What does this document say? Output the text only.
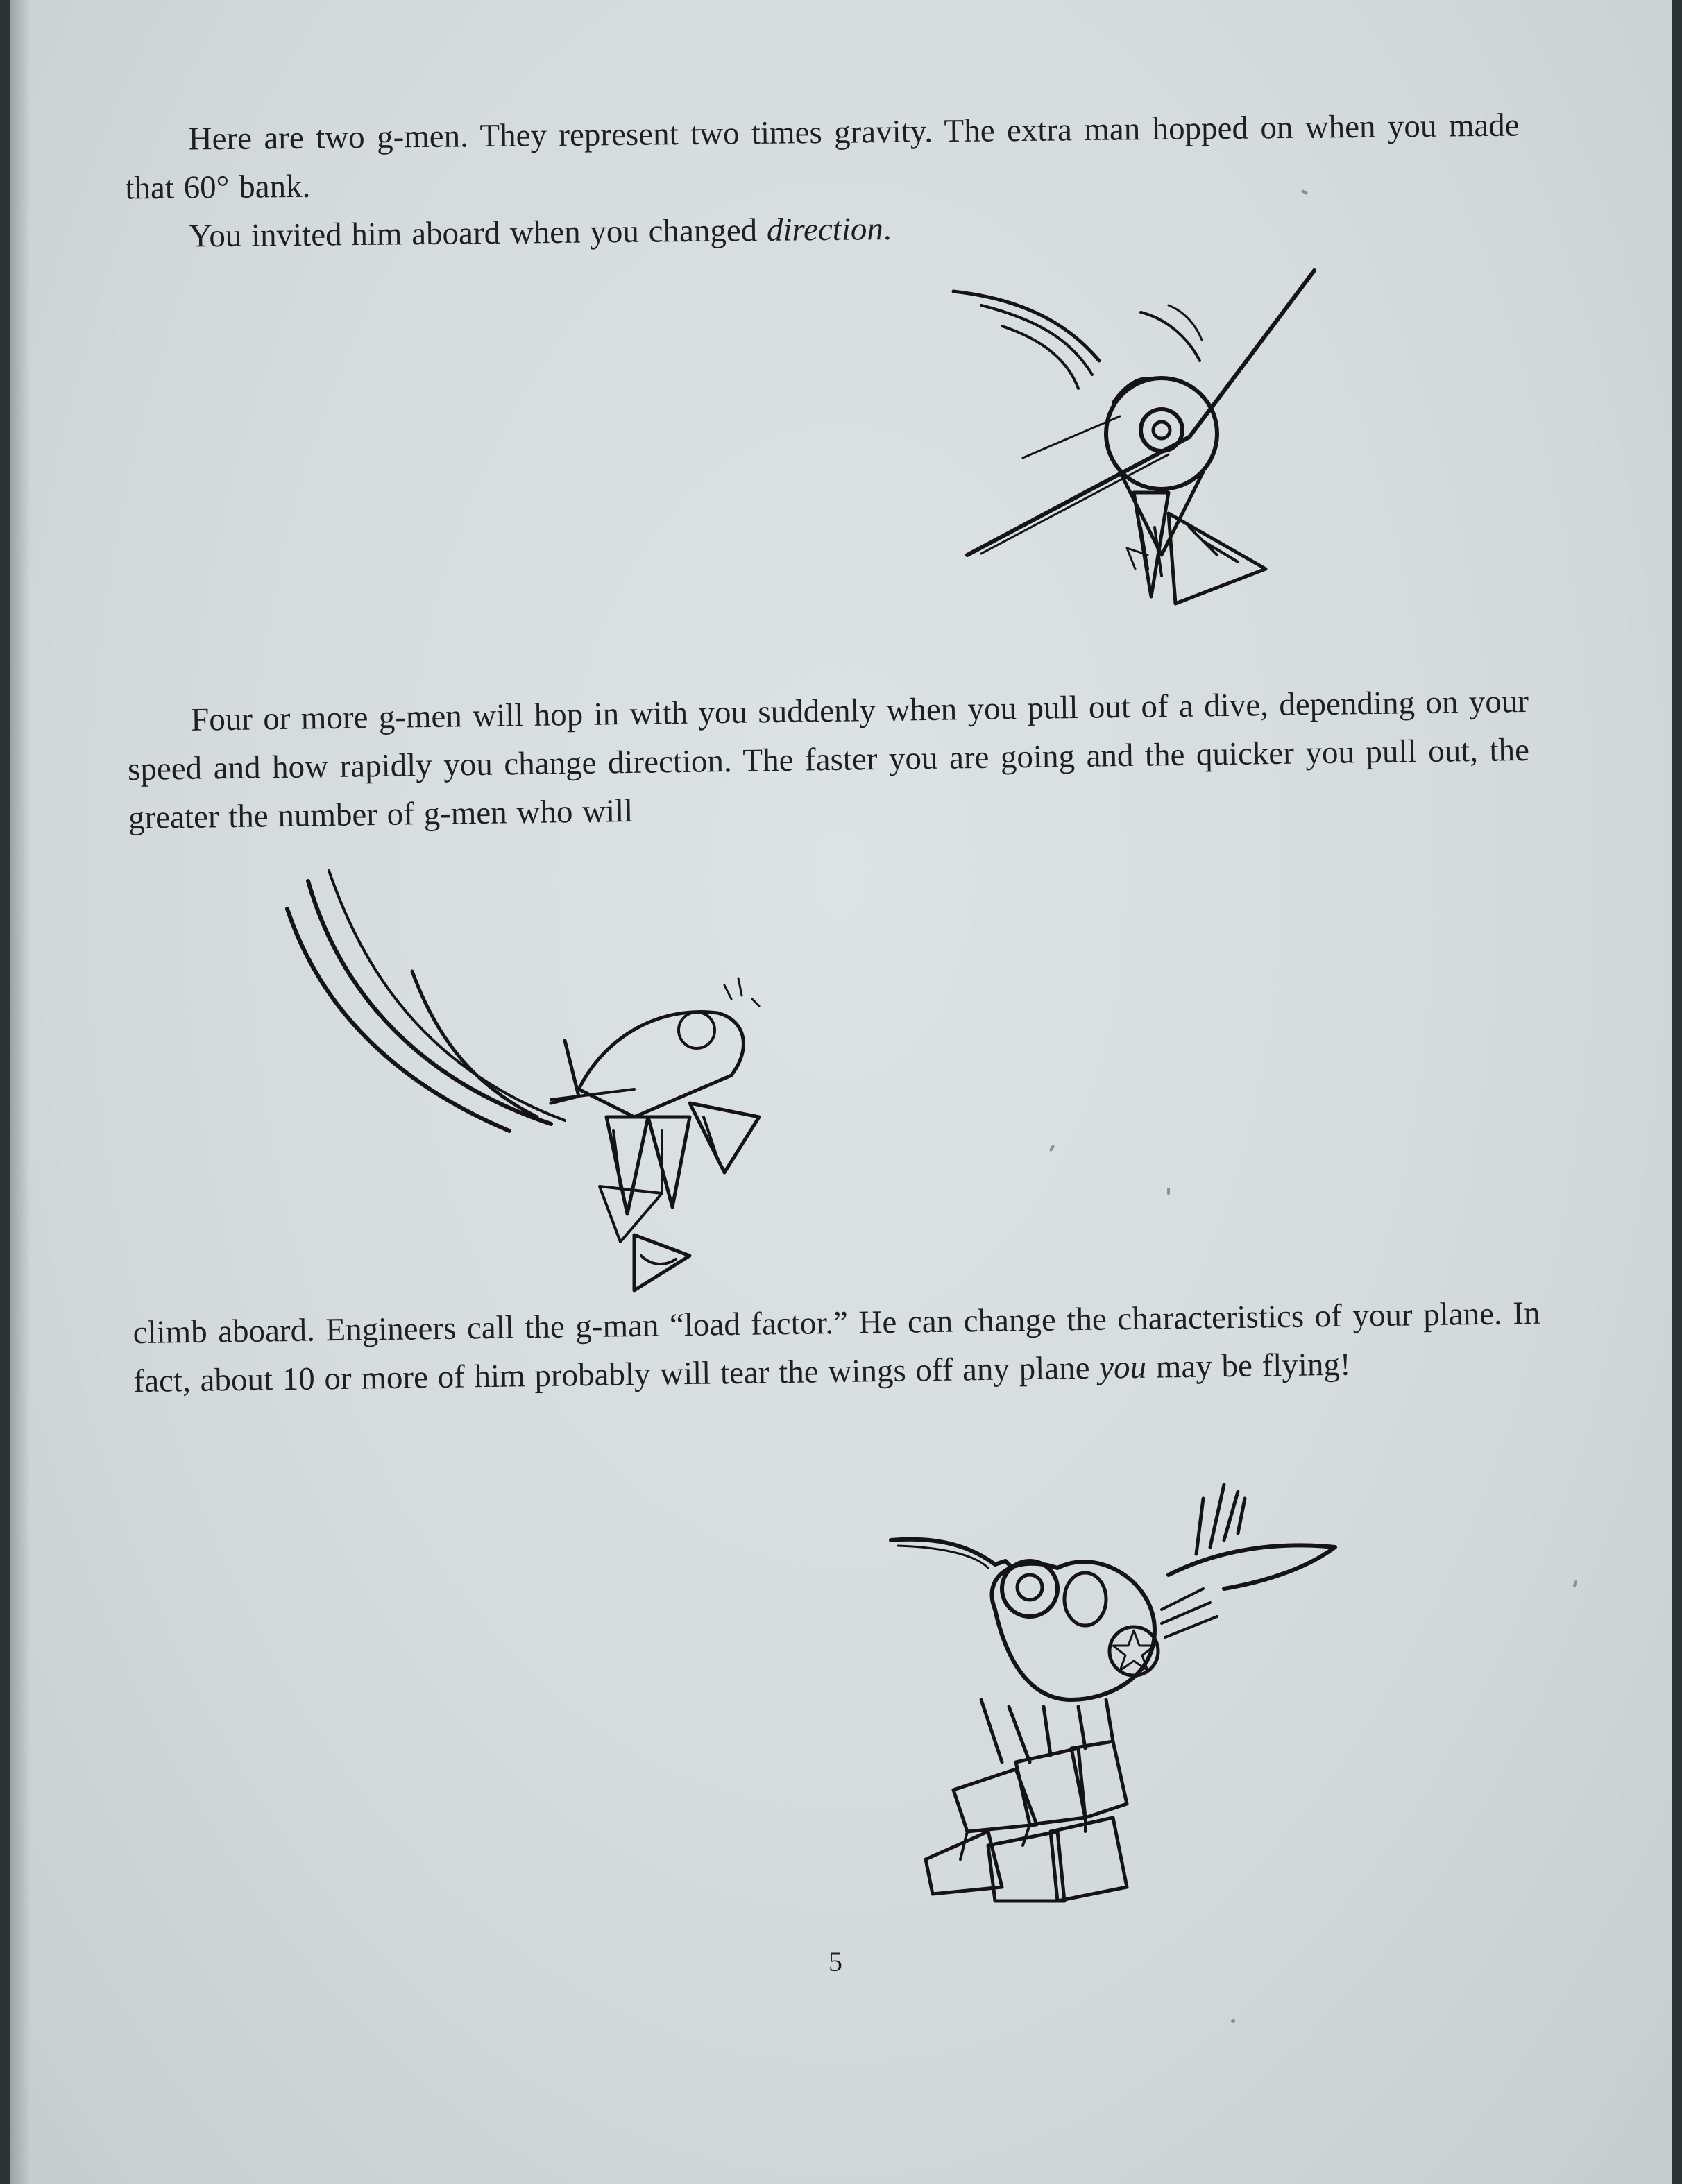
Here are two g-men. They represent two times gravity. The extra man hopped on when you made that 60° bank.

You invited him aboard when you changed direction.

Four or more g-men will hop in with you suddenly when you pull out of a dive, depending on your speed and how rapidly you change direction. The faster you are going and the quicker you pull out, the greater the number of g-men who will

climb aboard. Engineers call the g-man “load factor.” He can change the characteristics of your plane. In fact, about 10 or more of him probably will tear the wings off any plane you may be flying!

5
